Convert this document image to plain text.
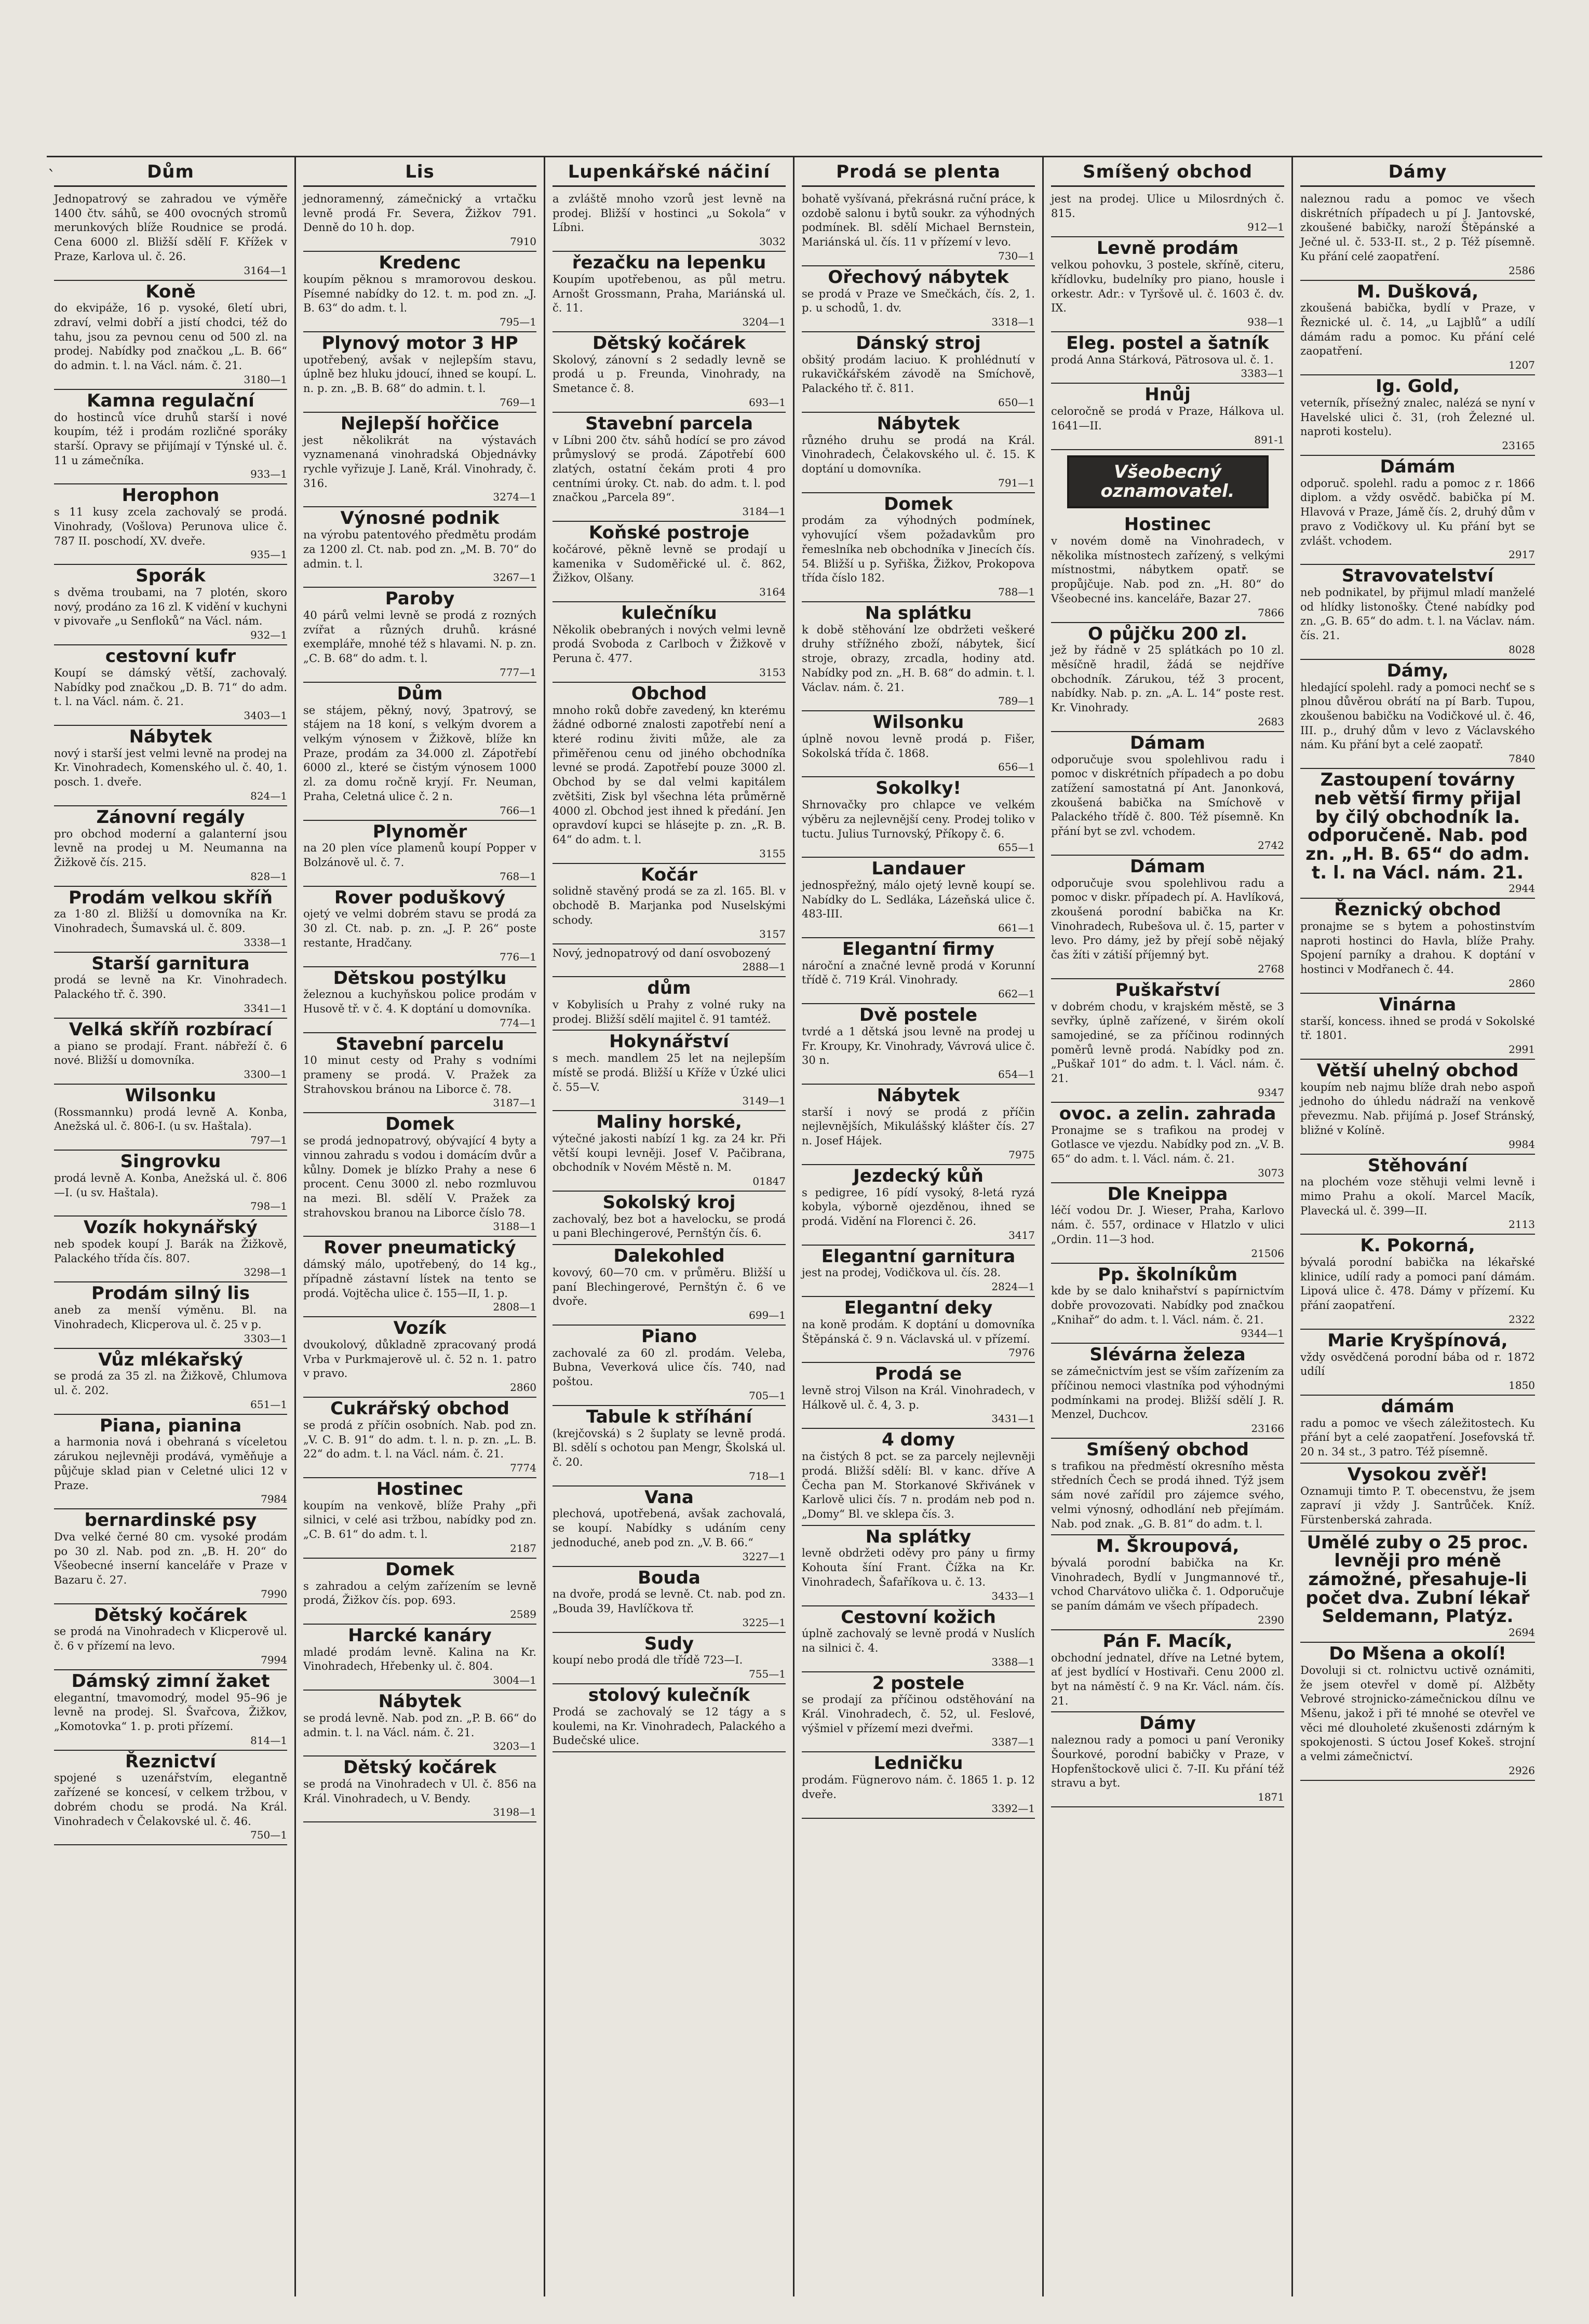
`	Dům

Jednopatrový se zahradou ve výměře 1400 čtv. sáhů, se 400 ovocných stromů merunkových blíže Roudnice se prodá. Cena 6000 zl. Bližší sdělí F. Křížek v Praze, Karlova ul. č. 26.

3164—1
Koně

do ekvipáže, 16 p. vysoké, 6letí ubri, zdraví, velmi dobří a jistí chodci, též do tahu, jsou za pevnou cenu od 500 zl. na prodej. Nabídky pod značkou „L. B. 66“ do admin. t. l. na Václ. nám. č. 21.

3180—1
Kamna regulační

do hostinců více druhů starší i nové koupím, též i prodám rozličné sporáky starší. Opravy se přijímají v Týnské ul. č. 11 u zámečníka.

933—1
Herophon

s 11 kusy zcela zachovalý se prodá. Vinohrady, (Vošlova) Perunova ulice č. 787 II. poschodí, XV. dveře.

935—1
Sporák

s dvěma troubami, na 7 plotén, skoro nový, prodáno za 16 zl. K vidění v kuchyni v pivovaře „u Senfloků“ na Václ. nám.

932—1
cestovní kufr

Koupí se dámský větší, zachovalý. Nabídky pod značkou „D. B. 71“ do adm. t. l. na Václ. nám. č. 21.

3403—1
Nábytek

nový i starší jest velmi levně na prodej na Kr. Vinohradech, Komenského ul. č. 40, 1. posch. 1. dveře.

824—1
Zánovní regály

pro obchod moderní a galanterní jsou levně na prodej u M. Neumanna na Žižkově čís. 215.

828—1
Prodám velkou skříň

za 1·80 zl. Bližší u domovníka na Kr. Vinohradech, Šumavská ul. č. 809.

3338—1
Starší garnitura

prodá se levně na Kr. Vinohradech. Palackého tř. č. 390.

3341—1
Velká skříň rozbírací

a piano se prodají. Frant. nábřeží č. 6 nové. Bližší u domovníka.

3300—1
Wilsonku

(Rossmannku) prodá levně A. Konba, Anežská ul. č. 806-I. (u sv. Haštala).

797—1
Singrovku

prodá levně A. Konba, Anežská ul. č. 806—I. (u sv. Haštala).

798—1
Vozík hokynářský

neb spodek koupí J. Barák na Žižkově, Palackého třída čís. 807.

3298—1
Prodám silný lis

aneb za menší výměnu. Bl. na Vinohradech, Klicperova ul. č. 25 v p.

3303—1
Vůz mlékařský

se prodá za 35 zl. na Žižkově, Chlumova ul. č. 202.

651—1
Piana, pianina

a harmonia nová i obehraná s víceletou zárukou nejlevněji prodává, vyměňuje a půjčuje sklad pian v Celetné ulici 12 v Praze.

7984
bernardinské psy

Dva velké černé 80 cm. vysoké prodám po 30 zl. Nab. pod zn. „B. H. 20“ do Všeobecné inserní kanceláře v Praze v Bazaru č. 27.

7990
Dětský kočárek

se prodá na Vinohradech v Klicperově ul. č. 6 v přízemí na levo.

7994
Dámský zimní žaket

elegantní, tmavomodrý, model 95–96 je levně na prodej. Sl. Švařcova, Žižkov, „Komotovka“ 1. p. proti přízemí.

814—1
Řeznictví

spojené s uzenářstvím, elegantně zařízené se koncesí, v celkem tržbou, v dobrém chodu se prodá. Na Král. Vinohradech v Čelakovské ul. č. 46.

750—1
Lis

jednoramenný, zámečnický a vrtačku levně prodá Fr. Severa, Žižkov 791. Denně do 10 h. dop.

7910
Kredenc

koupím pěknou s mramorovou deskou. Písemné nabídky do 12. t. m. pod zn. „J. B. 63“ do adm. t. l.

795—1
Plynový motor 3 HP

upotřebený, avšak v nejlepším stavu, úplně bez hluku jdoucí, ihned se koupí. L. n. p. zn. „B. B. 68“ do admin. t. l.

769—1
Nejlepší hořčice

jest několikrát na výstavách vyznamenaná vinohradská Objednávky rychle vyřizuje J. Laně, Král. Vinohrady, č. 316.

3274—1
Výnosné podnik

na výrobu patentového předmětu prodám za 1200 zl. Ct. nab. pod zn. „M. B. 70“ do admin. t. l.

3267—1
Paroby

40 párů velmi levně se prodá z rozných zvířat a různých druhů. krásné exempláře, mnohé též s hlavami. N. p. zn. „C. B. 68“ do adm. t. l.

777—1
Dům

se stájem, pěkný, nový, 3patrový, se stájem na 18 koní, s velkým dvorem a velkým výnosem v Žižkově, blíže kn Praze, prodám za 34.000 zl. Zápotřebí 6000 zl., které se čistým výnosem 1000 zl. za domu ročně kryjí. Fr. Neuman, Praha, Celetná ulice č. 2 n.

766—1
Plynoměr

na 20 plen více plamenů koupí Popper v Bolzánově ul. č. 7.

768—1
Rover poduškový

ojetý ve velmi dobrém stavu se prodá za 30 zl. Ct. nab. p. zn. „J. P. 26“ poste restante, Hradčany.

776—1
Dětskou postýlku

železnou a kuchyňskou police prodám v Husově tř. v č. 4. K doptání u domovníka.

774—1
Stavební parcelu

10 minut cesty od Prahy s vodními prameny se prodá. V. Pražek za Strahovskou bránou na Liborce č. 78.

3187—1
Domek

se prodá jednopatrový, obývající 4 byty a vinnou zahradu s vodou i domácím dvůr a kůlny. Domek je blízko Prahy a nese 6 procent. Cenu 3000 zl. nebo rozmluvou na mezi. Bl. sdělí V. Pražek za strahovskou branou na Liborce číslo 78.

3188—1
Rover pneumatický

dámský málo, upotřebený, do 14 kg., případně zástavní lístek na tento se prodá. Vojtěcha ulice č. 155—II, 1. p.

2808—1
Vozík

dvoukolový, důkladně zpracovaný prodá Vrba v Purkmajerově ul. č. 52 n. 1. patro v pravo.

2860
Cukrářský obchod

se prodá z příčin osobních. Nab. pod zn. „V. C. B. 91“ do adm. t. l. n. p. zn. „L. B. 22“ do adm. t. l. na Václ. nám. č. 21.

7774
Hostinec

koupím na venkově, blíže Prahy „při silnici, v celé asi tržbou, nabídky pod zn. „C. B. 61“ do adm. t. l.

2187
Domek

s zahradou a celým zařízením se levně prodá, Žižkov čís. pop. 693.

2589
Harcké kanáry

mladé prodám levně. Kalina na Kr. Vinohradech, Hřebenky ul. č. 804.

3004—1
Nábytek

se prodá levně. Nab. pod zn. „P. B. 66“ do admin. t. l. na Václ. nám. č. 21.

3203—1
Dětský kočárek

se prodá na Vinohradech v Ul. č. 856 na Král. Vinohradech, u V. Bendy.

3198—1
Lupenkářské náčiní

a zvláště mnoho vzorů jest levně na prodej. Bližší v hostinci „u Sokola“ v Líbni.

3032
řezačku na lepenku

Koupím upotřebenou, as půl metru. Arnošt Grossmann, Praha, Mariánská ul. č. 11.

3204—1
Dětský kočárek

Skolový, zánovní s 2 sedadly levně se prodá u p. Freunda, Vinohrady, na Smetance č. 8.

693—1
Stavební parcela

v Líbni 200 čtv. sáhů hodící se pro závod průmyslový se prodá. Zápotřebí 600 zlatých, ostatní čekám proti 4 pro centními úroky. Ct. nab. do adm. t. l. pod značkou „Parcela 89“.

3184—1
Koňské postroje

kočárové, pěkně levně se prodají u kamenika v Sudoměřické ul. č. 862, Žižkov, Olšany.

3164
kulečníku

Několik obebraných i nových velmi levně prodá Svoboda z Carlboch v Žižkově v Peruna č. 477.

3153
Obchod

mnoho roků dobře zavedený, kn kterému žádné odborné znalosti zapotřebí není a které rodinu živiti může, ale za přiměřenou cenu od jiného obchodníka levné se prodá. Zapotřebí pouze 3000 zl. Obchod by se dal velmi kapitálem zvětšiti, Zisk byl všechna léta průměrně 4000 zl. Obchod jest ihned k předání. Jen opravdoví kupci se hlásejte p. zn. „R. B. 64“ do adm. t. l.

3155
Kočár

solidně stavěný prodá se za zl. 165. Bl. v obchodě B. Marjanka pod Nuselskými schody.

3157

Nový, jednopatrový od daní osvobozený

2888—1
dům

v Kobylisích u Prahy z volné ruky na prodej. Bližší sdělí majitel č. 91 tamtéž.

Hokynářství

s mech. mandlem 25 let na nejlepším místě se prodá. Bližší u Kříže v Úzké ulici č. 55—V.

3149—1
Maliny horské,

výtečné jakosti nabízí 1 kg. za 24 kr. Při větší koupi levněji. Josef V. Pačibrana, obchodník v Novém Městě n. M.

01847
Sokolský kroj

zachovalý, bez bot a havelocku, se prodá u pani Blechingerové, Pernštýn čís. 6.

Dalekohled

kovový, 60—70 cm. v průměru. Bližší u paní Blechingerové, Pernštýn č. 6 ve dvoře.

699—1
Piano

zachovalé za 60 zl. prodám. Veleba, Bubna, Veverková ulice čís. 740, nad poštou.

705—1
Tabule k stříhání

(krejčovská) s 2 šuplaty se levně prodá. Bl. sdělí s ochotou pan Mengr, Školská ul. č. 20.

718—1
Vana

plechová, upotřebená, avšak zachovalá, se koupí. Nabídky s udáním ceny jednoduché, aneb pod zn. „V. B. 66.“

3227—1
Bouda

na dvoře, prodá se levně. Ct. nab. pod zn. „Bouda 39, Havlíčkova tř.

3225—1
Sudy

koupí nebo prodá dle třídě 723—I.

755—1
stolový kulečník

Prodá se zachovalý se 12 tágy a s koulemi, na Kr. Vinohradech, Palackého a Budečské ulice.

Prodá se plenta

bohatě vyšívaná, překrásná ruční práce, k ozdobě salonu i bytů soukr. za výhodných podmínek. Bl. sdělí Michael Bernstein, Mariánská ul. čís. 11 v přízemí v levo.

730—1
Ořechový nábytek

se prodá v Praze ve Smečkách, čís. 2, 1. p. u schodů, 1. dv.

3318—1
Dánský stroj

obšitý prodám laciuo. K prohlédnutí v rukavičkářském závodě na Smíchově, Palackého tř. č. 811.

650—1
Nábytek

různého druhu se prodá na Král. Vinohradech, Čelakovského ul. č. 15. K doptání u domovníka.

791—1
Domek

prodám za výhodných podmínek, vyhovující všem požadavkům pro řemeslníka neb obchodníka v Jinecích čís. 54. Bližší u p. Syřiška, Žižkov, Prokopova třída číslo 182.

788—1
Na splátku

k době stěhování lze obdržeti veškeré druhy střížného zboží, nábytek, šicí stroje, obrazy, zrcadla, hodiny atd. Nabídky pod zn. „H. B. 68“ do admin. t. l. Václav. nám. č. 21.

789—1
Wilsonku

úplně novou levně prodá p. Fišer, Sokolská třída č. 1868.

656—1
Sokolky!

Shrnovačky pro chlapce ve velkém výběru za nejlevnější ceny. Prodej toliko v tuctu. Julius Turnovský, Příkopy č. 6.

655—1
Landauer

jednospřežný, málo ojetý levně koupí se. Nabídky do L. Sedláka, Lázeňská ulice č. 483-III.

661—1
Elegantní firmy

nároční a značné levně prodá v Korunní třídě č. 719 Král. Vinohrady.

662—1
Dvě postele

tvrdé a 1 dětská jsou levně na prodej u Fr. Kroupy, Kr. Vinohrady, Vávrová ulice č. 30 n.

654—1
Nábytek

starší i nový se prodá z příčin nejlevnějších, Mikulášský klášter čís. 27 n. Josef Hájek.

7975
Jezdecký kůň

s pedigree, 16 pídí vysoký, 8-letá ryzá kobyla, výborně ojezděnou, ihned se prodá. Vidění na Florenci č. 26.

3417
Elegantní garnitura

jest na prodej, Vodičkova ul. čís. 28.

2824—1
Elegantní deky

na koně prodám. K doptání u domovníka Štěpánská č. 9 n. Václavská ul. v přízemí.

7976
Prodá se

levně stroj Vilson na Král. Vinohradech, v Hálkově ul. č. 4, 3. p.

3431—1
4 domy

na čistých 8 pct. se za parcely nejlevněji prodá. Bližší sdělí: Bl. v kanc. dříve A Čecha pan M. Storkanové Skřivánek v Karlově ulici čís. 7 n. prodám neb pod n. „Domy“ Bl. ve sklepa čís. 3.

Na splátky

levně obdržeti oděvy pro pány u firmy Kohouta šíní Frant. Čížka na Kr. Vinohradech, Šafaříkova u. č. 13.

3433—1
Cestovní kožich

úplně zachovalý se levně prodá v Nuslích na silnici č. 4.

3388—1
2 postele

se prodají za příčinou odstěhování na Král. Vinohradech, č. 52, ul. Feslové, výšmiel v přízemí mezi dveřmi.

3387—1
Ledničku

prodám. Fügnerovo nám. č. 1865 1. p. 12 dveře.

3392—1
Smíšený obchod

jest na prodej. Ulice u Milosrdných č. 815.

912—1
Levně prodám

velkou pohovku, 3 postele, skříně, citeru, křídlovku, budelníky pro piano, housle i orkestr. Adr.: v Tyršově ul. č. 1603 č. dv. IX.

938—1
Eleg. postel a šatník

prodá Anna Stárková, Pätrosova ul. č. 1.

3383—1
Hnůj

celoročně se prodá v Praze, Hálkova ul. 1641—II.

891-1
Všeobecný
oznamovatel.
Hostinec

v novém domě na Vinohradech, v několika místnostech zařízený, s velkými místnostmi, nábytkem opatř. se propůjčuje. Nab. pod zn. „H. 80“ do Všeobecné ins. kanceláře, Bazar 27.

7866
O půjčku 200 zl.

jež by řádně v 25 splátkách po 10 zl. měsíčně hradil, žádá se nejdříve obchodník. Zárukou, též 3 procent, nabídky. Nab. p. zn. „A. L. 14“ poste rest. Kr. Vinohrady.

2683
Dámam

odporučuje svou spolehlivou radu i pomoc v diskrétních případech a po dobu zatížení samostatná pí Ant. Janonková, zkoušená babička na Smíchově v Palackého třídě č. 800. Též písemně. Kn přání byt se zvl. vchodem.

2742
Dámam

odporučuje svou spolehlivou radu a pomoc v diskr. případech pí. A. Havlíková, zkoušená porodní babička na Kr. Vinohradech, Rubešova ul. č. 15, parter v levo. Pro dámy, jež by přejí sobě nějaký čas žíti v zátiší příjemný byt.

2768
Puškařství

v dobrém chodu, v krajském městě, se 3 sevřky, úplně zařízené, v širém okolí samojediné, se za příčinou rodinných poměrů levně prodá. Nabídky pod zn. „Puškař 101“ do adm. t. l. Václ. nám. č. 21.

9347
ovoc. a zelin. zahrada

Pronajme se s trafikou na prodej v Gotlasce ve vjezdu. Nabídky pod zn. „V. B. 65“ do adm. t. l. Václ. nám. č. 21.

3073
Dle Kneippa

léčí vodou Dr. J. Wieser, Praha, Karlovo nám. č. 557, ordinace v Hlatzlo v ulici „Ordin. 11—3 hod.

21506
Pp. školníkům

kde by se dalo knihařství s papírnictvím dobře provozovati. Nabídky pod značkou „Knihař“ do adm. t. l. Václ. nám. č. 21.

9344—1
Slévárna železa

se zámečnictvím jest se vším zařízením za příčinou nemoci vlastníka pod výhodnými podmínkami na prodej. Bližší sdělí J. R. Menzel, Duchcov.

23166
Smíšený obchod

s trafikou na předměstí okresního města středních Čech se prodá ihned. Týž jsem sám nové zařídil pro zájemce svého, velmi výnosný, odhodlání neb přejímám. Nab. pod znak. „G. B. 81“ do adm. t. l.

M. Škroupová,

bývalá porodní babička na Kr. Vinohradech, Bydlí v Jungmannové tř., vchod Charvátovo ulička č. 1. Odporučuje se paním dámám ve všech případech.

2390
Pán F. Macík,

obchodní jednatel, dříve na Letné bytem, ať jest bydlící v Hostivaři. Cenu 2000 zl. byt na náměstí č. 9 na Kr. Václ. nám. čís. 21.

Dámy

naleznou rady a pomoci u paní Veroniky Šourkové, porodní babičky v Praze, v Hopfenštockově ulici č. 7-II. Ku přání též stravu a byt.

1871
Dámy

naleznou radu a pomoc ve všech diskrétních případech u pí J. Jantovské, zkoušené babičky, naroží Štěpánské a Ječné ul. č. 533-II. st., 2 p. Též písemně. Ku přání celé zaopatření.

2586
M. Dušková,

zkoušená babička, bydlí v Praze, v Řeznické ul. č. 14, „u Lajblů“ a udílí dámám radu a pomoc. Ku přání celé zaopatření.

1207
Ig. Gold,

veterník, přísežný znalec, nalézá se nyní v Havelské ulici č. 31, (roh Železné ul. naproti kostelu).

23165
Dámám

odporuč. spolehl. radu a pomoc z r. 1866 diplom. a vždy osvědč. babička pí M. Hlavová v Praze, Jámě čís. 2, druhý dům v pravo z Vodičkovy ul. Ku přání byt se zvlášt. vchodem.

2917
Stravovatelství

neb podnikatel, by přijmul mladí manželé od hlídky listonošky. Čtené nabídky pod zn. „G. B. 65“ do adm. t. l. na Václav. nám. čís. 21.

8028
Dámy,

hledající spolehl. rady a pomoci nechť se s plnou důvěrou obrátí na pí Barb. Tupou, zkoušenou babičku na Vodičkové ul. č. 46, III. p., druhý dům v levo z Václavského nám. Ku přání byt a celé zaopatř.

7840
Zastoupení továrny neb větší firmy přijal by čilý obchodník Ia. odporučeně. Nab. pod zn. „H. B. 65“ do adm. t. l. na Václ. nám. 21.
2944
Řeznický obchod

pronajme se s bytem a pohostinstvím naproti hostinci do Havla, blíže Prahy. Spojení parníky a drahou. K doptání v hostinci v Modřanech č. 44.

2860
Vinárna

starší, koncess. ihned se prodá v Sokolské tř. 1801.

2991
Větší uhelný obchod

koupím neb najmu blíže drah nebo aspoň jednoho do úhledu nádraží na venkově převezmu. Nab. přijímá p. Josef Stránský, bližné v Kolíně.

9984
Stěhování

na plochém voze stěhuji velmi levně i mimo Prahu a okolí. Marcel Macík, Plavecká ul. č. 399—II.

2113
K. Pokorná,

bývalá porodní babička na lékařské klinice, udílí rady a pomoci paní dámám. Lipová ulice č. 478. Dámy v přízemí. Ku přání zaopatření.

2322
Marie Kryšpínová,

vždy osvědčená porodní bába od r. 1872 udílí

1850
dámám

radu a pomoc ve všech záležitostech. Ku přání byt a celé zaopatření. Josefovská tř. 20 n. 34 st., 3 patro. Též písemně.

Vysokou zvěř!

Oznamuji timto P. T. obecenstvu, že jsem zapraví ji vždy J. Santrůček. Kníž. Fürstenberská zahrada.

Umělé zuby o 25 proc. levněji pro méně zámožné, přesahuje-li počet dva. Zubní lékař Seldemann, Platýz.
2694
Do Mšena a okolí!

Dovoluji si ct. rolnictvu uctivě oznámiti, že jsem otevřel v domě pí. Alžběty Vebrové strojnicko-zámečnickou dílnu ve Mšenu, jakož i při té mnohé se otevřel ve věci mé dlouholeté zkušenosti zdárným k spokojenosti. S úctou Josef Kokeš. strojní a velmi zámečnictví.

2926
